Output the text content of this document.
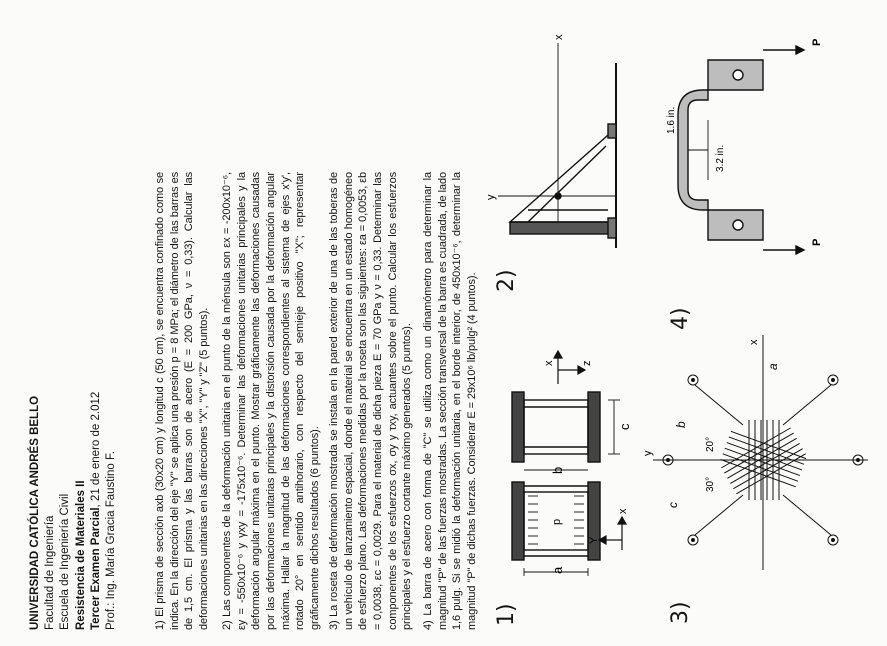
UNIVERSIDAD CATÓLICA ANDRÉS BELLO Facultad de Ingeniería Escuela de Ingeniería Civil Resistencia de Materiales II Tercer Examen Parcial, 21 de enero de 2.012
Prof.: Ing. María Gracia Faustino F.	1) El prisma de sección axb (30x20 cm) y longitud c (50 cm), se encuentra confinado como se indica. En la dirección del eje "Y" se aplica una presión p = 8 MPa; el diámetro de las barras es de 1,5 cm. El prisma y las barras son de acero (E = 200 GPa, ν = 0,33). Calcular las deformaciones unitarias en las direcciones "X", "Y" y "Z" (5 puntos). 2) Las componentes de la deformación unitaria en el punto de la ménsula son εx = -200x10⁻⁶, εy = -550x10⁻⁶ y γxy = -175x10⁻⁶. Determinar las deformaciones unitarias principales y la deformación angular máxima en el punto. Mostrar gráficamente las deformaciones causadas por las deformaciones unitarias principales y la distorsión causada por la deformación angular máxima. Hallar la magnitud de las deformaciones correspondientes al sistema de ejes x'y', rotado 20° en sentido antihorario, con respecto del semieje positivo "X"; representar gráficamente dichos resultados (6 puntos). 3) La roseta de deformación mostrada se instala en la pared exterior de una de las toberas de un vehículo de lanzamiento espacial, donde el material se encuentra en un estado homogéneo de esfuerzo plano. Las deformaciones medidas por la roseta son las siguientes: εa = 0,0053, εb = 0,0038, εc = 0,0029. Para el material de dicha pieza E = 70 GPa y ν = 0,33. Determinar las componentes de los esfuerzos σx, σy y τxy, actuantes sobre el punto. Calcular los esfuerzos principales y el esfuerzo cortante máximo generados (5 puntos). 4) La barra de acero con forma de "C" se utiliza como un dinamómetro para determinar la magnitud "P" de las fuerzas mostradas. La sección transversal de la barra es cuadrada, de lado 1,6 pulg. Si se midió la deformación unitaria, en el borde interior, de 450x10⁻⁶, determinar la magnitud "P" de dichas fuerzas. Considerar E = 29x10⁶ lb/pulg² (4 puntos). 1)
a
b
c
p
x
Y
x z
2)
x
y
3)
x
y
a
b
c
20°
30°
4)
P
P
3.2 in.
1.6 in.
